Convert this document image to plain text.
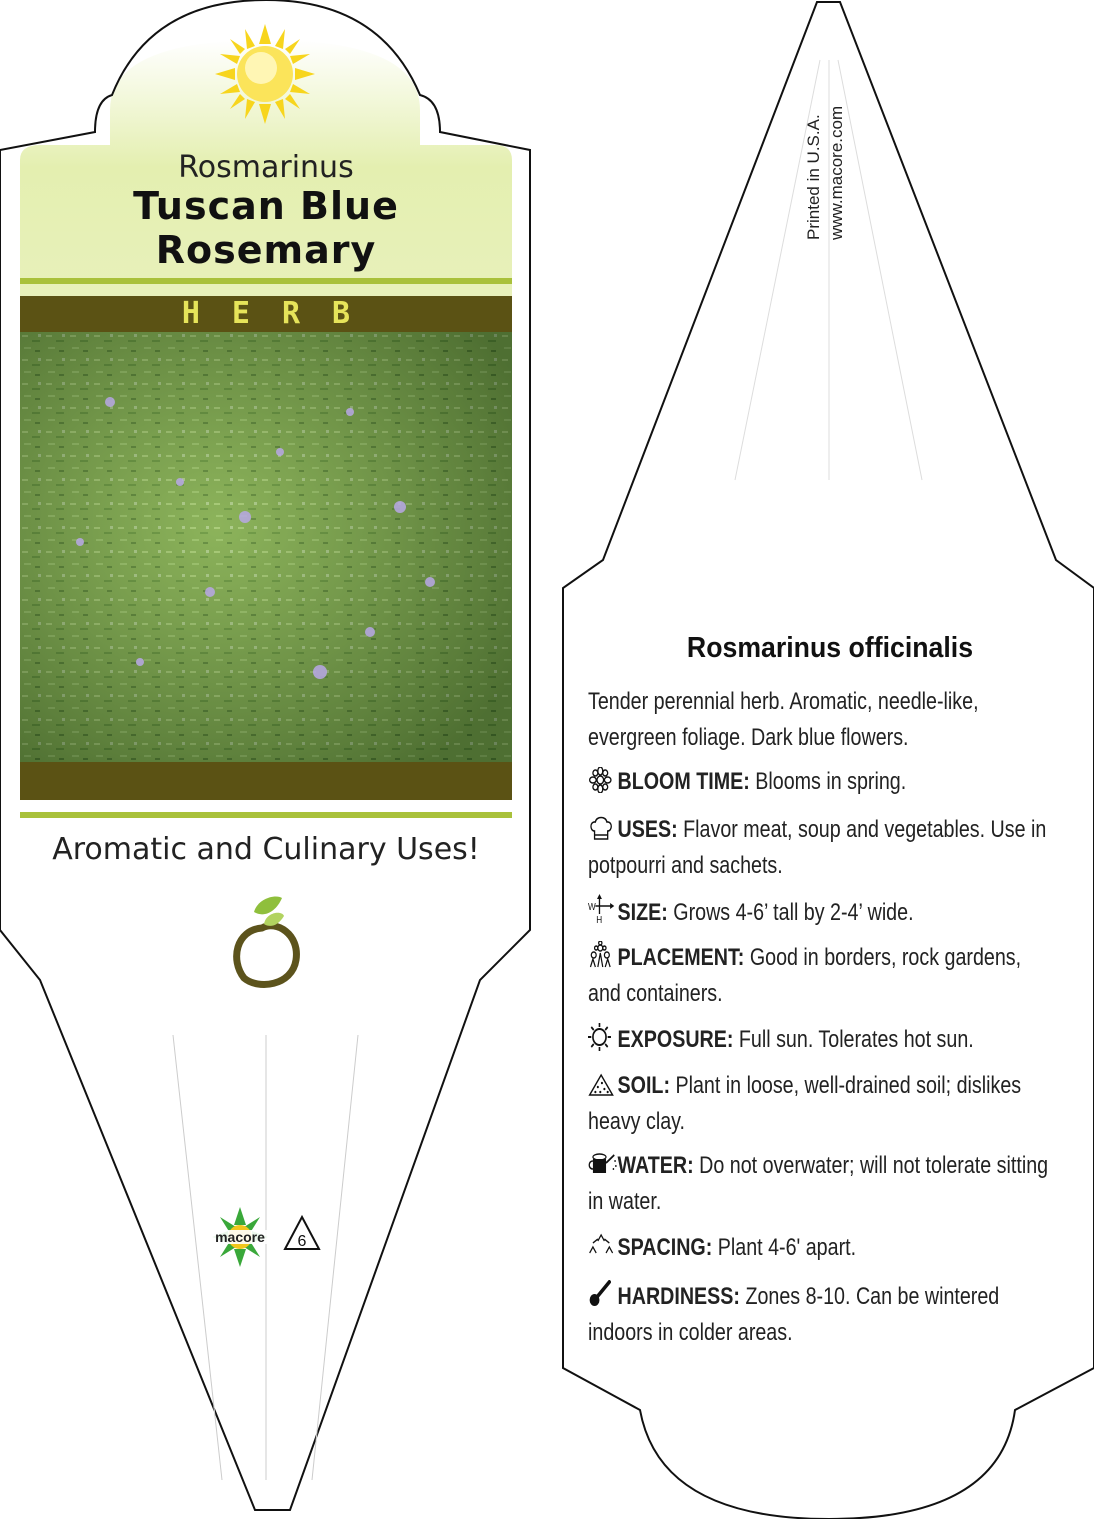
Rosmarinus
Tuscan Blue
Rosemary
HERB
Aromatic and Culinary Uses!
macore 6
Printed in U.S.A. www.macore.com
Rosmarinus officinalis
Tender perennial herb. Aromatic, needle-like, evergreen foliage. Dark blue flowers.
BLOOM TIME: Blooms in spring.
USES: Flavor meat, soup and vegetables. Use in potpourri and sachets.
W
H SIZE: Grows 4-6’ tall by 2-4’ wide.
PLACEMENT: Good in borders, rock gardens, and containers.
EXPOSURE: Full sun. Tolerates hot sun.
SOIL: Plant in loose, well-drained soil; dislikes heavy clay.
WATER: Do not overwater; will not tolerate sitting in water.
SPACING: Plant 4-6' apart.
HARDINESS: Zones 8-10. Can be wintered indoors in colder areas.
